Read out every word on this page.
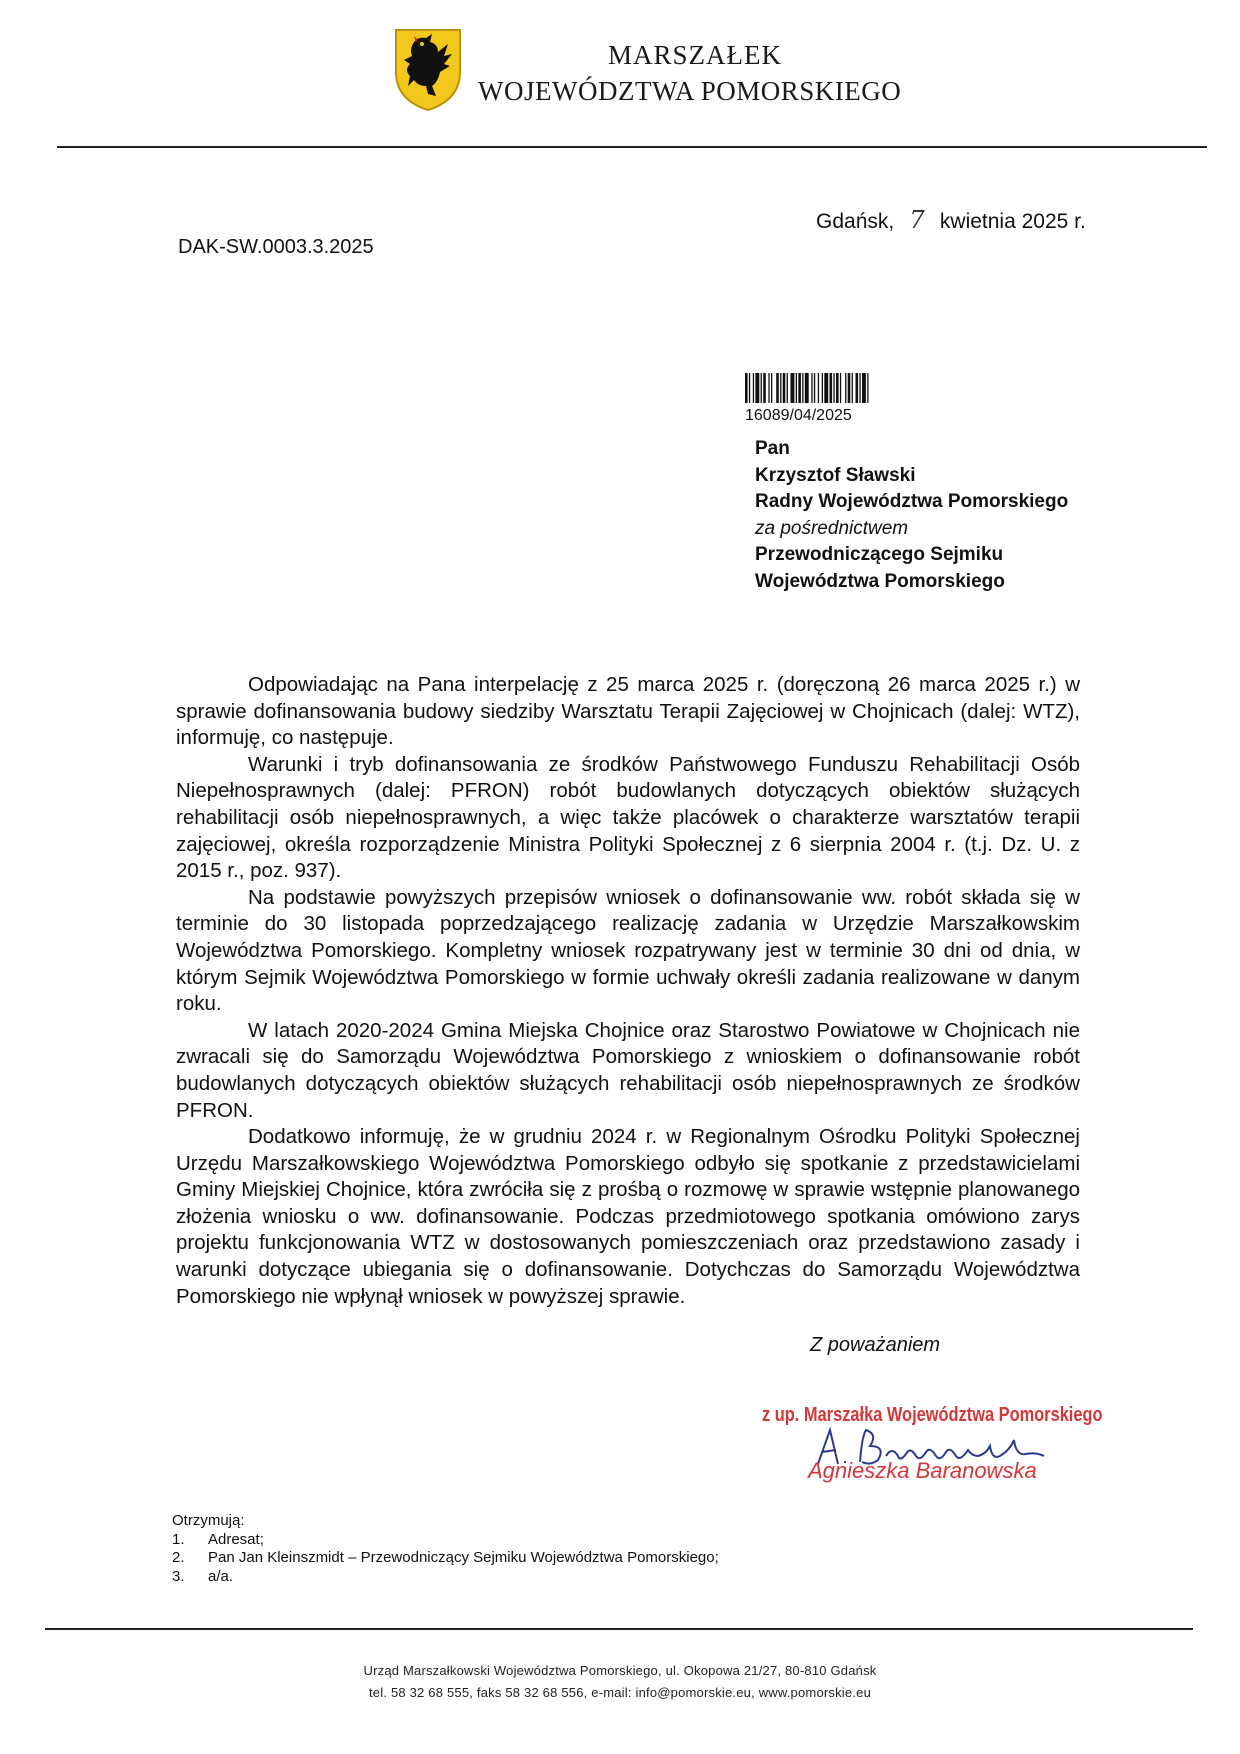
MARSZAŁEK
WOJEWÓDZTWA POMORSKIEGO
DAK-SW.0003.3.2025
Gdańsk, 7 kwietnia 2025 r.
16089/04/2025
Pan
Krzysztof Sławski
Radny Województwa Pomorskiego
za pośrednictwem
Przewodniczącego Sejmiku
Województwa Pomorskiego

Odpowiadając na Pana interpelację z 25 marca 2025 r. (doręczoną 26 marca 2025 r.) w sprawie dofinansowania budowy siedziby Warsztatu Terapii Zajęciowej w Chojnicach (dalej: WTZ), informuję, co następuje.

Warunki i tryb dofinansowania ze środków Państwowego Funduszu Rehabilitacji Osób Niepełnosprawnych (dalej: PFRON) robót budowlanych dotyczących obiektów służących rehabilitacji osób niepełnosprawnych, a więc także placówek o charakterze warsztatów terapii zajęciowej, określa rozporządzenie Ministra Polityki Społecznej z 6 sierpnia 2004 r. (t.j. Dz. U. z 2015 r., poz. 937).

Na podstawie powyższych przepisów wniosek o dofinansowanie ww. robót składa się w terminie do 30 listopada poprzedzającego realizację zadania w Urzędzie Marszałkowskim Województwa Pomorskiego. Kompletny wniosek rozpatrywany jest w terminie 30 dni od dnia, w którym Sejmik Województwa Pomorskiego w formie uchwały określi zadania realizowane w danym roku.

W latach 2020-2024 Gmina Miejska Chojnice oraz Starostwo Powiatowe w Chojnicach nie zwracali się do Samorządu Województwa Pomorskiego z wnioskiem o dofinansowanie robót budowlanych dotyczących obiektów służących rehabilitacji osób niepełnosprawnych ze środków PFRON.

Dodatkowo informuję, że w grudniu 2024 r. w Regionalnym Ośrodku Polityki Społecznej Urzędu Marszałkowskiego Województwa Pomorskiego odbyło się spotkanie z przedstawicielami Gminy Miejskiej Chojnice, która zwróciła się z prośbą o rozmowę w sprawie wstępnie planowanego złożenia wniosku o ww. dofinansowanie. Podczas przedmiotowego spotkania omówiono zarys projektu funkcjonowania WTZ w dostosowanych pomieszczeniach oraz przedstawiono zasady i warunki dotyczące ubiegania się o dofinansowanie. Dotychczas do Samorządu Województwa Pomorskiego nie wpłynął wniosek w powyższej sprawie.

Z poważaniem
z up. Marszałka Województwa Pomorskiego
Agnieszka Baranowska
Otrzymują:
1. Adresat;
2. Pan Jan Kleinszmidt – Przewodniczący Sejmiku Województwa Pomorskiego;
3. a/a.
Urząd Marszałkowski Województwa Pomorskiego, ul. Okopowa 21/27, 80-810 Gdańsk
tel. 58 32 68 555, faks 58 32 68 556, e-mail: info@pomorskie.eu, www.pomorskie.eu
